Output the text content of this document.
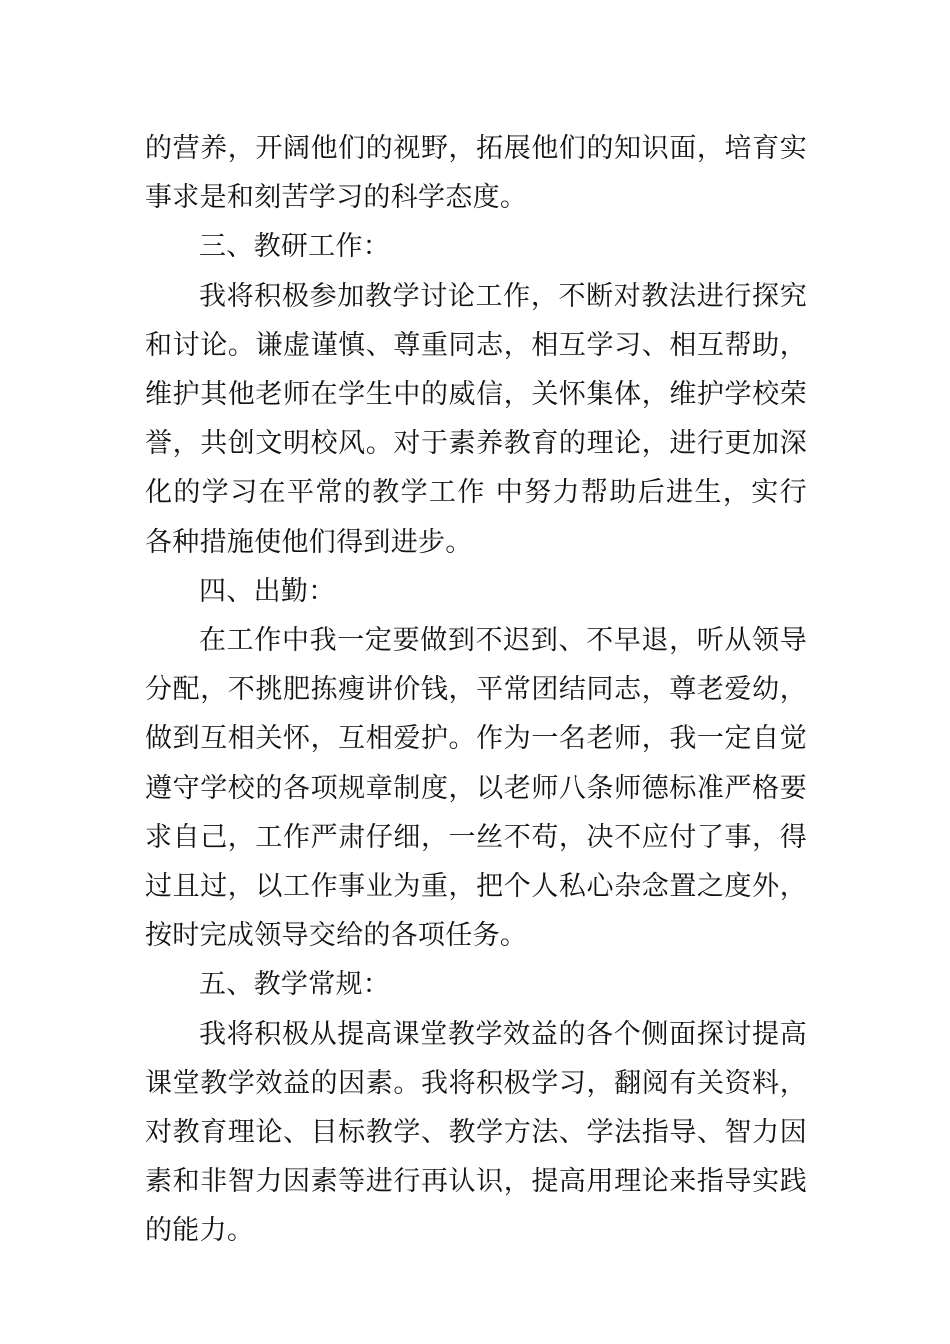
的营养，开阔他们的视野，拓展他们的知识面，培育实事求是和刻苦学习的科学态度。

三、教研工作：

我将积极参加教学讨论工作，不断对教法进行探究和讨论。谦虚谨慎、尊重同志，相互学习、相互帮助，维护其他老师在学生中的威信，关怀集体，维护学校荣誉，共创文明校风。对于素养教育的理论，进行更加深化的学习在平常的教学工作 中努力帮助后进生，实行各种措施使他们得到进步。

四、出勤：

在工作中我一定要做到不迟到、不早退，听从领导分配，不挑肥拣瘦讲价钱，平常团结同志，尊老爱幼，做到互相关怀，互相爱护。作为一名老师，我一定自觉遵守学校的各项规章制度，以老师八条师德标准严格要求自己，工作严肃仔细，一丝不苟，决不应付了事，得过且过，以工作事业为重，把个人私心杂念置之度外，按时完成领导交给的各项任务。

五、教学常规：

我将积极从提高课堂教学效益的各个侧面探讨提高课堂教学效益的因素。我将积极学习，翻阅有关资料，对教育理论、目标教学、教学方法、学法指导、智力因素和非智力因素等进行再认识，提高用理论来指导实践的能力。
